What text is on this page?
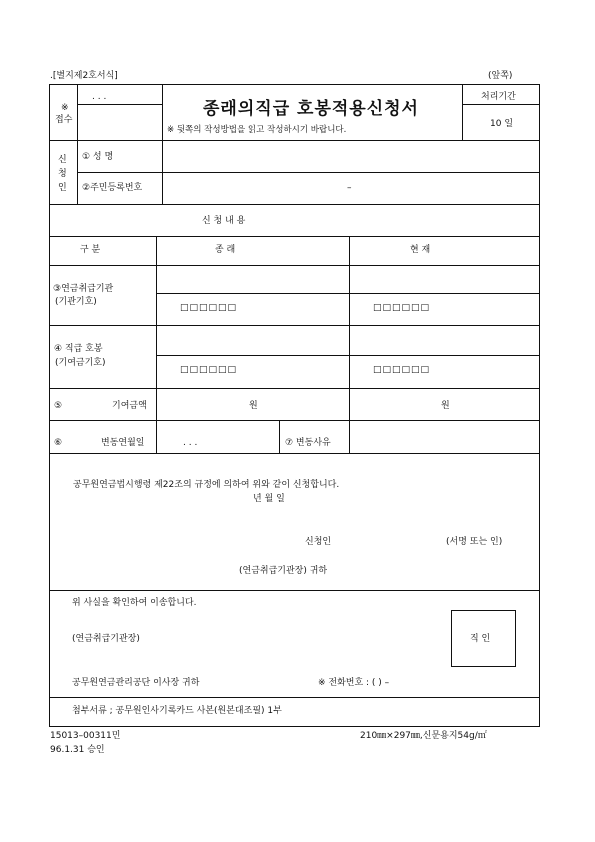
.[별지제2호서식]	(앞쪽)
※
접수
. . .
종래의직급 호봉적용신청서
※ 뒷쪽의 작성방법을 읽고 작성하시기 바랍니다.
처리기간
10 일
신청인
① 성 명
②주민등록번호	–
신 청 내 용
구 분	종 래	현 재
③연금취급기관
(기관기호)
□□□□□□	□□□□□□
④ 직급 호봉
(기여금기호)
□□□□□□	□□□□□□
⑤	기여금액	원	원
⑥	변동연월일	. . .	⑦ 변동사유
공무원연금법시행령 제22조의 규정에 의하여 위와 같이 신청합니다.
년 월 일
신청인	(서명 또는 인)
(연금취급기관장) 귀하
위 사실을 확인하여 이송합니다.
(연금취급기관장)	직 인
공무원연금관리공단 이사장 귀하	※ 전화번호 : ( ) –
첨부서류 ; 공무원인사기록카드 사본(원본대조필) 1부
15013–00311민
96.1.31 승인
210㎜×297㎜,신문용지54g/㎡
